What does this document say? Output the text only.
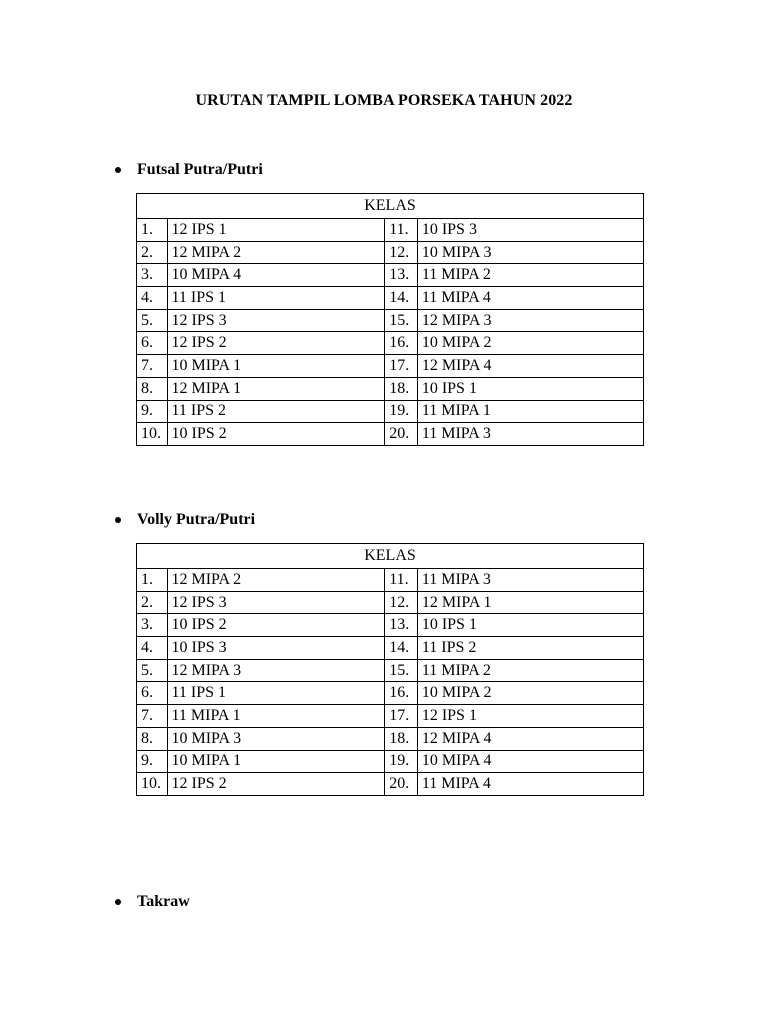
URUTAN TAMPIL LOMBA PORSEKA TAHUN 2022
Futsal Putra/Putri
KELAS			
1.	12 IPS 1	11.	10 IPS 3
2.	12 MIPA 2	12.	10 MIPA 3
3.	10 MIPA 4	13.	11 MIPA 2
4.	11 IPS 1	14.	11 MIPA 4
5.	12 IPS 3	15.	12 MIPA 3
6.	12 IPS 2	16.	10 MIPA 2
7.	10 MIPA 1	17.	12 MIPA 4
8.	12 MIPA 1	18.	10 IPS 1
9.	11 IPS 2	19.	11 MIPA 1
10.	10 IPS 2	20.	11 MIPA 3
Volly Putra/Putri
KELAS			
1.	12 MIPA 2	11.	11 MIPA 3
2.	12 IPS 3	12.	12 MIPA 1
3.	10 IPS 2	13.	10 IPS 1
4.	10 IPS 3	14.	11 IPS 2
5.	12 MIPA 3	15.	11 MIPA 2
6.	11 IPS 1	16.	10 MIPA 2
7.	11 MIPA 1	17.	12 IPS 1
8.	10 MIPA 3	18.	12 MIPA 4
9.	10 MIPA 1	19.	10 MIPA 4
10.	12 IPS 2	20.	11 MIPA 4
Takraw
